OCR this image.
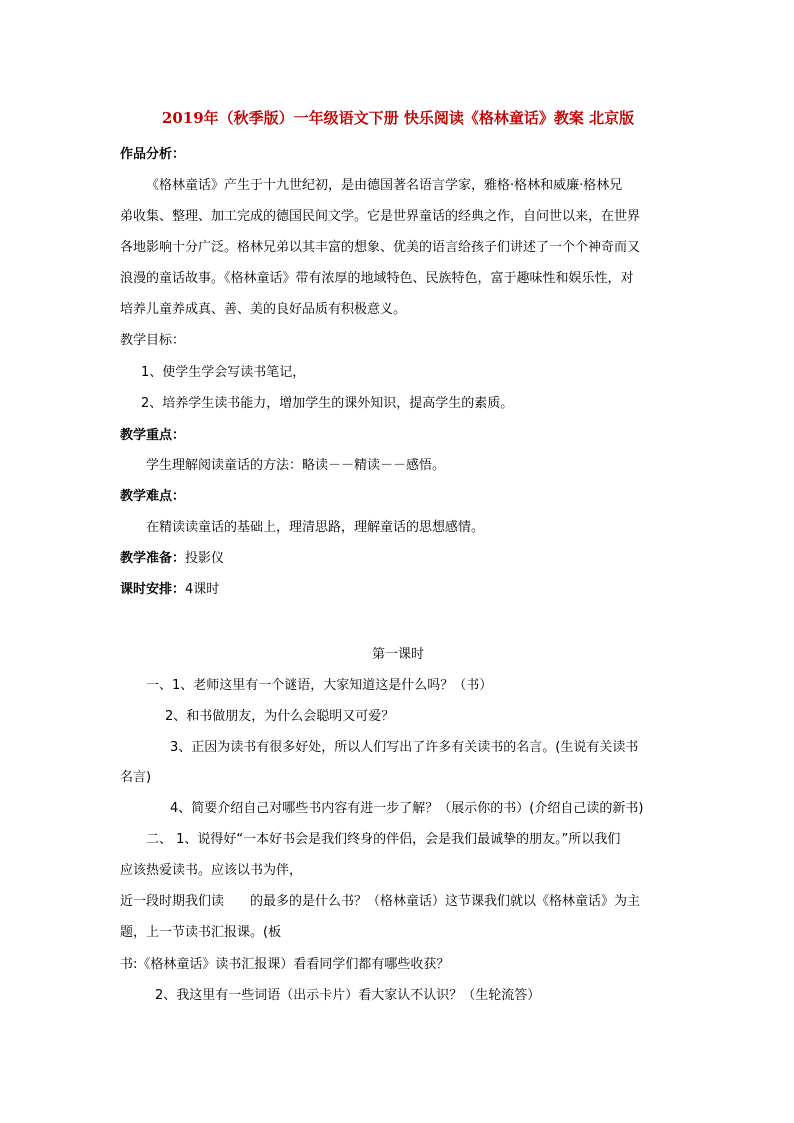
2019年（秋季版）一年级语文下册 快乐阅读《格林童话》教案 北京版
作品分析：
《格林童话》产生于十九世纪初，是由德国著名语言学家，雅格·格林和威廉·格林兄
弟收集、整理、加工完成的德国民间文学。它是世界童话的经典之作，自问世以来，在世界
各地影响十分广泛。格林兄弟以其丰富的想象、优美的语言给孩子们讲述了一个个神奇而又
浪漫的童话故事。《格林童话》带有浓厚的地域特色、民族特色，富于趣味性和娱乐性，对
培养儿童养成真、善、美的良好品质有积极意义。
教学目标：
1、使学生学会写读书笔记，
2、培养学生读书能力，增加学生的课外知识，提高学生的素质。
教学重点：
学生理解阅读童话的方法：略读－－精读－－感悟。
教学难点：
在精读读童话的基础上，理清思路，理解童话的思想感情。
教学准备：投影仪
课时安排：4课时
第一课时
一、1、老师这里有一个谜语，大家知道这是什么吗？（书）
2、和书做朋友，为什么会聪明又可爱？
3、正因为读书有很多好处，所以人们写出了许多有关读书的名言。(生说有关读书
名言)
4、简要介绍自己对哪些书内容有进一步了解？（展示你的书）(介绍自己读的新书)
二、 1、说得好“一本好书会是我们终身的伴侣，会是我们最诚挚的朋友。”所以我们
应该热爱读书。应该以书为伴，
近一段时期我们读　　的最多的是什么书？（格林童话）这节课我们就以《格林童话》为主
题，上一节读书汇报课。(板
书:《格林童话》读书汇报课）看看同学们都有哪些收获？
2、我这里有一些词语（出示卡片）看大家认不认识？（生轮流答）
